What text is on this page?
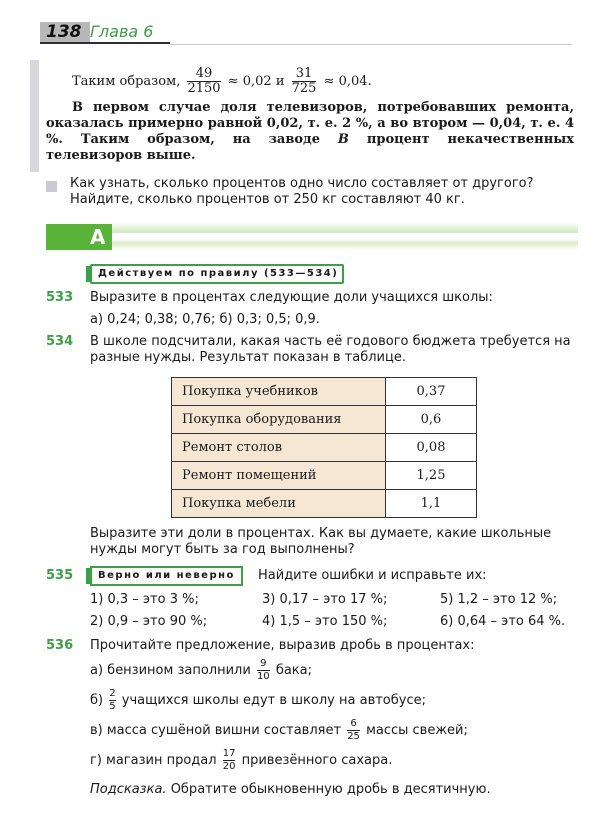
138 Глава 6
Таким образом, $\frac{49}{2150} \approx 0,02$ и $\frac{31}{725} \approx 0,04$.
В первом случае доля телевизоров, потребовавших ремонта, оказалась примерно равной 0,02, т. е. 2 %, а во втором — 0,04, т. е. 4 %. Таким образом, на заводе В процент некачественных телевизоров выше.
Как узнать, сколько процентов одно число составляет от другого? Найдите, сколько процентов от 250 кг составляют 40 кг.
А
Действуем по правилу (533—534)
533 Выразите в процентах следующие доли учащихся школы:
а) 0,24; 0,38; 0,76; б) 0,3; 0,5; 0,9.
534 В школе подсчитали, какая часть её годового бюджета требуется на разные нужды. Результат показан в таблице.
Покупка учебников	0,37
Покупка оборудования	0,6
Ремонт столов	0,08
Ремонт помещений	1,25
Покупка мебели	1,1
Выразите эти доли в процентах. Как вы думаете, какие школьные нужды могут быть за год выполнены?
535	Верно или неверно	Найдите ошибки и исправьте их:
1) 0,3 – это 3 %;	3) 0,17 – это 17 %;	5) 1,2 – это 12 %;
2) 0,9 – это 90 %;	4) 1,5 – это 150 %;	6) 0,64 – это 64 %.
536 Прочитайте предложение, выразив дробь в процентах:
а) бензином заполнили $\frac{9}{10}$ бака;
$б) \frac{2}{5}$ учащихся школы едут в школу на автобусе;
в) масса сушёной вишни составляет $\frac{6}{25}$ массы свежей;
г) магазин продал $\frac{17}{20}$ привезённого сахара.
Подсказка. Обратите обыкновенную дробь в десятичную.
